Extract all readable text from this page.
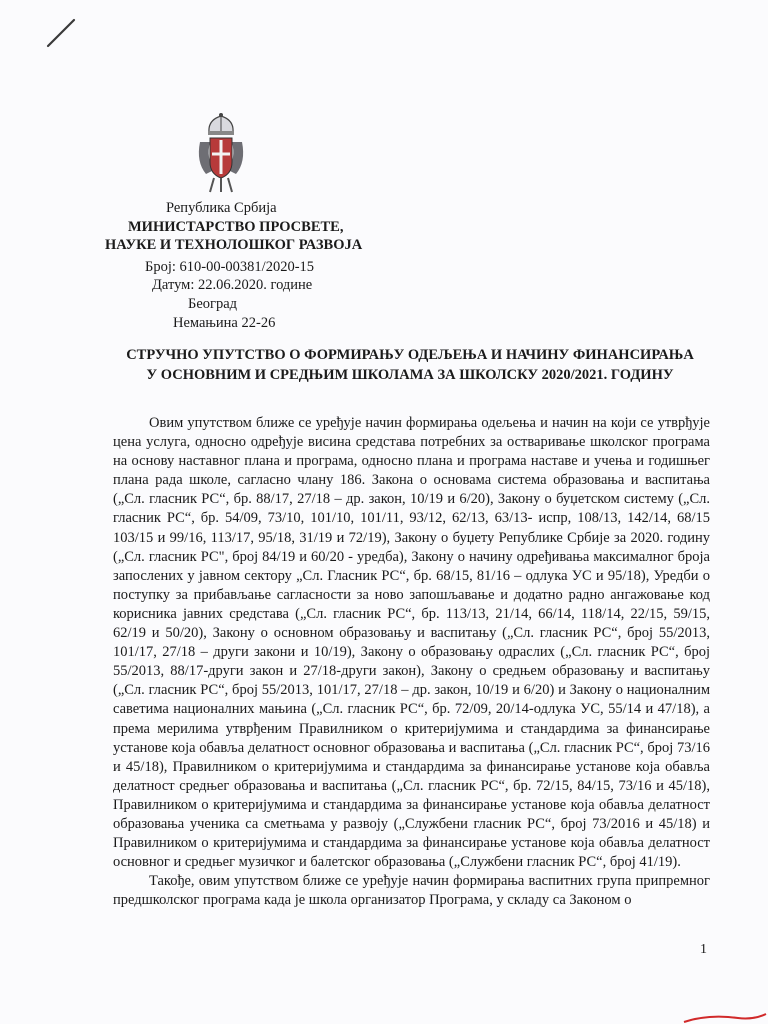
Република Србија
МИНИСТАРСТВО ПРОСВЕТЕ,
НАУКЕ И ТЕХНОЛОШКОГ РАЗВОЈА
Број: 610-00-00381/2020-15
Датум: 22.06.2020. године
Београд
Немањина 22-26
СТРУЧНО УПУТСТВО О ФОРМИРАЊУ ОДЕЉЕЊА И НАЧИНУ ФИНАНСИРАЊА
У ОСНОВНИМ И СРЕДЊИМ ШКОЛАМА ЗА ШКОЛСКУ 2020/2021. ГОДИНУ

Овим упутством ближе се уређује начин формирања одељења и начин на који се утврђује цена услуга, односно одређује висина средстава потребних за остваривање школског програма на основу наставног плана и програма, односно плана и програма наставе и учења и годишњег плана рада школе, сагласно члану 186. Закона о основама система образовања и васпитања („Сл. гласник РС“, бр. 88/17, 27/18 – др. закон, 10/19 и 6/20), Закону о буџетском систему („Сл. гласник РС“, бр. 54/09, 73/10, 101/10, 101/11, 93/12, 62/13, 63/13- испр, 108/13, 142/14, 68/15 103/15 и 99/16, 113/17, 95/18, 31/19 и 72/19), Закону о буџету Републике Србије за 2020. годину („Сл. гласник РС", број 84/19 и 60/20 - уредба), Закону о начину одређивања максималног броја запослених у јавном сектору „Сл. Гласник РС“, бр. 68/15, 81/16 – одлука УС и 95/18), Уредби о поступку за прибављање сагласности за ново запошљавање и додатно радно ангажовање код корисника јавних средстава („Сл. гласник РС“, бр. 113/13, 21/14, 66/14, 118/14, 22/15, 59/15, 62/19 и 50/20), Закону о основном образовању и васпитању („Сл. гласник РС“, број 55/2013, 101/17, 27/18 – други закони и 10/19), Закону о образовању одраслих („Сл. гласник РС“, број 55/2013, 88/17-други закон и 27/18-други закон), Закону о средњем образовању и васпитању („Сл. гласник РС“, број 55/2013, 101/17, 27/18 – др. закон, 10/19 и 6/20) и Закону о националним саветима националних мањина („Сл. гласник РС“, бр. 72/09, 20/14-одлука УС, 55/14 и 47/18), а према мерилима утврђеним Правилником о критеријумима и стандардима за финансирање установе која обавља делатност основног образовања и васпитања („Сл. гласник РС“, број 73/16 и 45/18), Правилником о критеријумима и стандардима за финансирање установе која обавља делатност средњег образовања и васпитања („Сл. гласник РС“, бр. 72/15, 84/15, 73/16 и 45/18), Правилником о критеријумима и стандардима за финансирање установе која обавља делатност образовања ученика са сметњама у развоју („Службени гласник РС“, број 73/2016 и 45/18) и Правилником о критеријумима и стандардима за финансирање установе која обавља делатност основног и средњег музичког и балетског образовања („Службени гласник РС“, број 41/19).

Такође, овим упутством ближе се уређује начин формирања васпитних група припремног предшколског програма када је школа организатор Програма, у складу са Законом о

1
